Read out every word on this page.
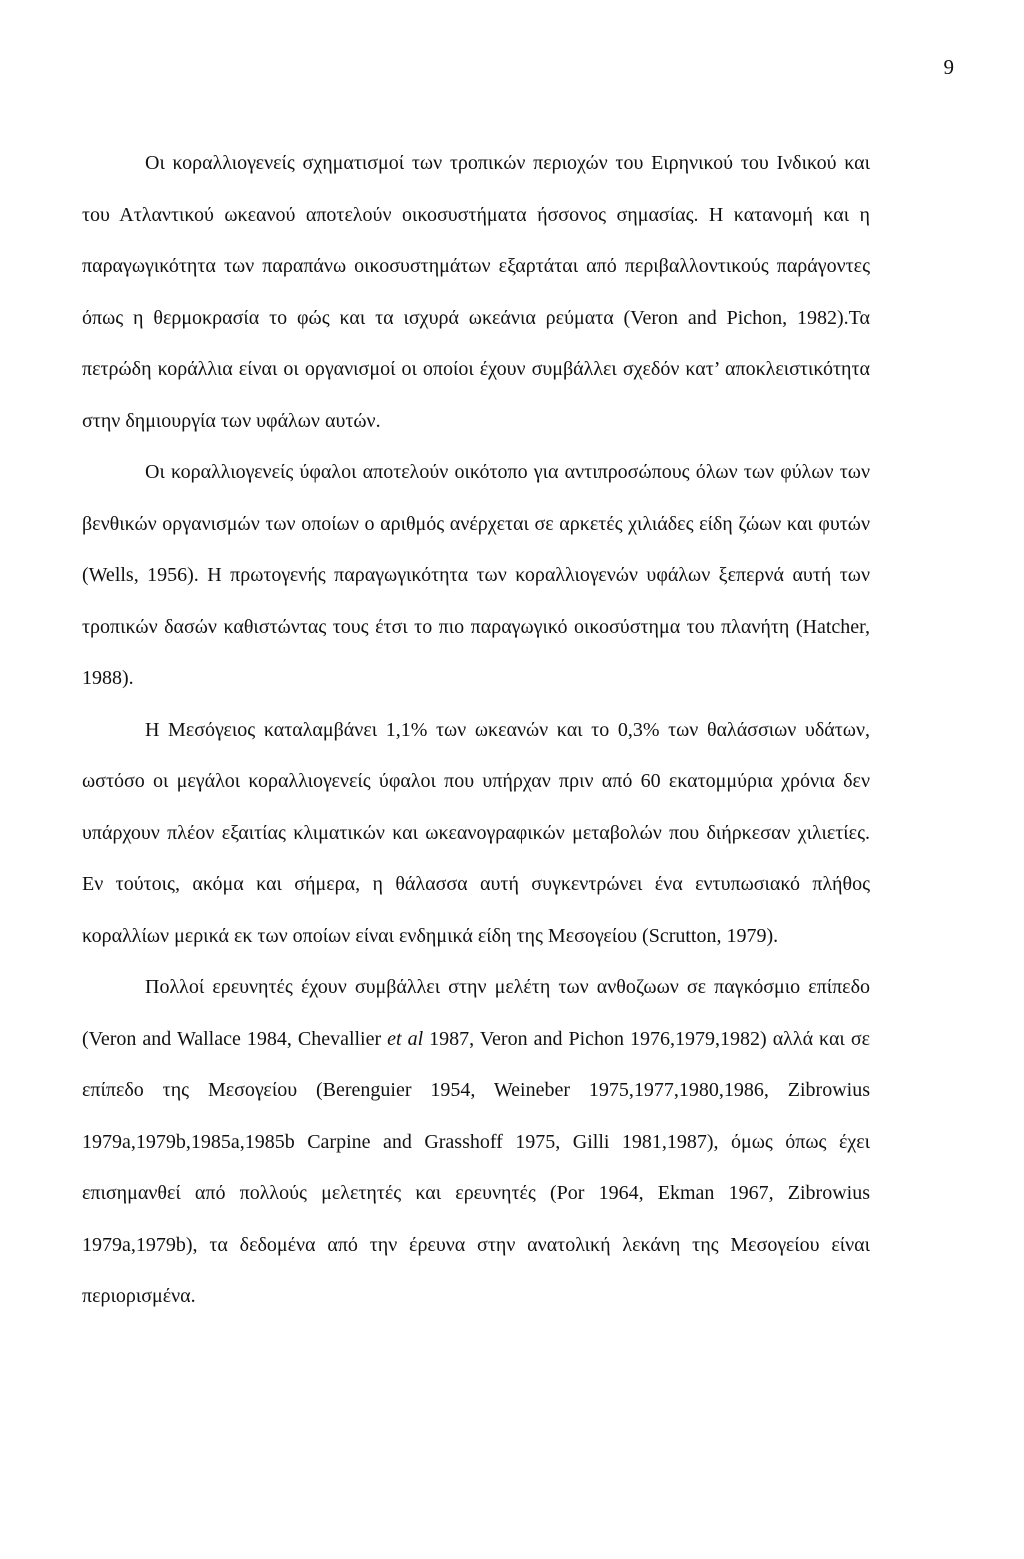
9

Οι κοραλλιογενείς σχηματισμοί των τροπικών περιοχών του Ειρηνικού του Ινδικού και του Ατλαντικού ωκεανού αποτελούν οικοσυστήματα ήσσονος σημασίας. Η κατανομή και η παραγωγικότητα των παραπάνω οικοσυστημάτων εξαρτάται από περιβαλλοντικούς παράγοντες όπως η θερμοκρασία το φώς και τα ισχυρά ωκεάνια ρεύματα (Veron and Pichon, 1982).Τα πετρώδη κοράλλια είναι οι οργανισμοί οι οποίοι έχουν συμβάλλει σχεδόν κατ’ αποκλειστικότητα στην δημιουργία των υφάλων αυτών.

Οι κοραλλιογενείς ύφαλοι αποτελούν οικότοπο για αντιπροσώπους όλων των φύλων των βενθικών οργανισμών των οποίων ο αριθμός ανέρχεται σε αρκετές χιλιάδες είδη ζώων και φυτών (Wells, 1956). Η πρωτογενής παραγωγικότητα των κοραλλιογενών υφάλων ξεπερνά αυτή των τροπικών δασών καθιστώντας τους έτσι το πιο παραγωγικό οικοσύστημα του πλανήτη (Hatcher, 1988).

Η Μεσόγειος καταλαμβάνει 1,1% των ωκεανών και το 0,3% των θαλάσσιων υδάτων, ωστόσο οι μεγάλοι κοραλλιογενείς ύφαλοι που υπήρχαν πριν από 60 εκατομμύρια χρόνια δεν υπάρχουν πλέον εξαιτίας κλιματικών και ωκεανογραφικών μεταβολών που διήρκεσαν χιλιετίες. Εν τούτοις, ακόμα και σήμερα, η θάλασσα αυτή συγκεντρώνει ένα εντυπωσιακό πλήθος κοραλλίων μερικά εκ των οποίων είναι ενδημικά είδη της Μεσογείου (Scrutton, 1979).

Πολλοί ερευνητές έχουν συμβάλλει στην μελέτη των ανθοζωων σε παγκόσμιο επίπεδο (Veron and Wallace 1984, Chevallier et al 1987, Veron and Pichon 1976,1979,1982) αλλά και σε επίπεδο της Μεσογείου (Berenguier 1954, Weineber 1975,1977,1980,1986, Zibrowius 1979a,1979b,1985a,1985b Carpine and Grasshoff 1975, Gilli 1981,1987), όμως όπως έχει επισημανθεί από πολλούς μελετητές και ερευνητές (Por 1964, Ekman 1967, Zibrowius 1979a,1979b), τα δεδομένα από την έρευνα στην ανατολική λεκάνη της Μεσογείου είναι περιορισμένα.
